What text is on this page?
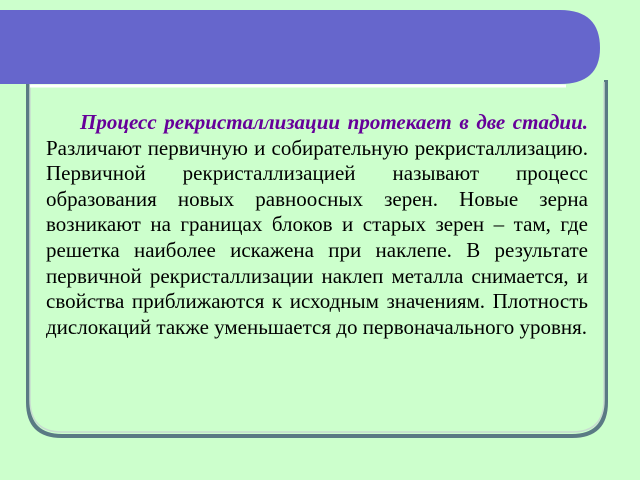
Процесс рекристаллизации протекает в две стадии. Различают первичную и собирательную рекристаллизацию. Первичной рекристаллизацией называют процесс образования новых равноосных зерен. Новые зерна возникают на границах блоков и старых зерен – там, где решетка наиболее искажена при наклепе. В результате первичной рекристаллизации наклеп металла снимается, и свойства приближаются к исходным значениям. Плотность дислокаций также уменьшается до первоначального уровня.
